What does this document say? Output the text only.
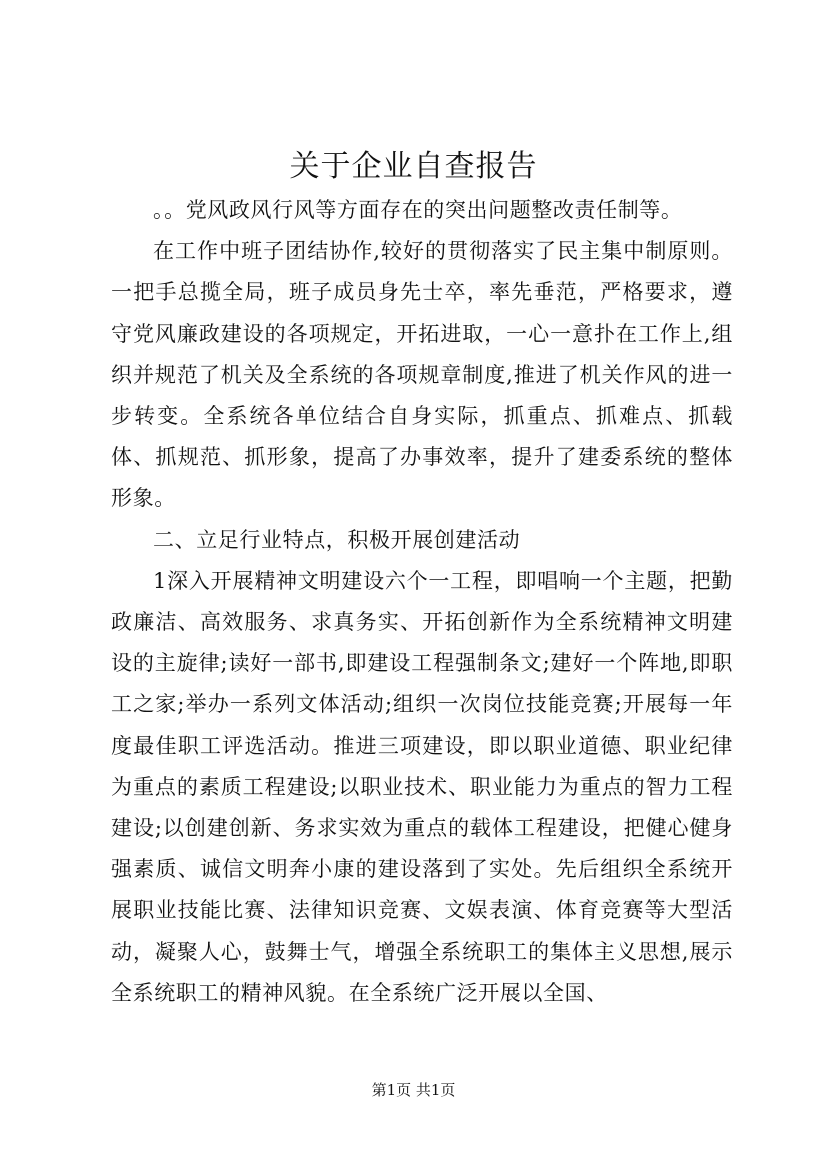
关于企业自查报告

。。党风政风行风等方面存在的突出问题整改责任制等。

在工作中班子团结协作,较好的贯彻落实了民主集中制原则。一把手总揽全局，班子成员身先士卒，率先垂范，严格要求，遵守党风廉政建设的各项规定，开拓进取，一心一意扑在工作上,组织并规范了机关及全系统的各项规章制度,推进了机关作风的进一步转变。全系统各单位结合自身实际，抓重点、抓难点、抓载体、抓规范、抓形象，提高了办事效率，提升了建委系统的整体形象。

二、立足行业特点，积极开展创建活动

1深入开展精神文明建设六个一工程，即唱响一个主题，把勤政廉洁、高效服务、求真务实、开拓创新作为全系统精神文明建设的主旋律;读好一部书,即建设工程强制条文;建好一个阵地,即职工之家;举办一系列文体活动;组织一次岗位技能竞赛;开展每一年度最佳职工评选活动。推进三项建设，即以职业道德、职业纪律为重点的素质工程建设;以职业技术、职业能力为重点的智力工程建设;以创建创新、务求实效为重点的载体工程建设，把健心健身强素质、诚信文明奔小康的建设落到了实处。先后组织全系统开展职业技能比赛、法律知识竞赛、文娱表演、体育竞赛等大型活动，凝聚人心，鼓舞士气，增强全系统职工的集体主义思想,展示全系统职工的精神风貌。在全系统广泛开展以全国、

第1页 共1页
